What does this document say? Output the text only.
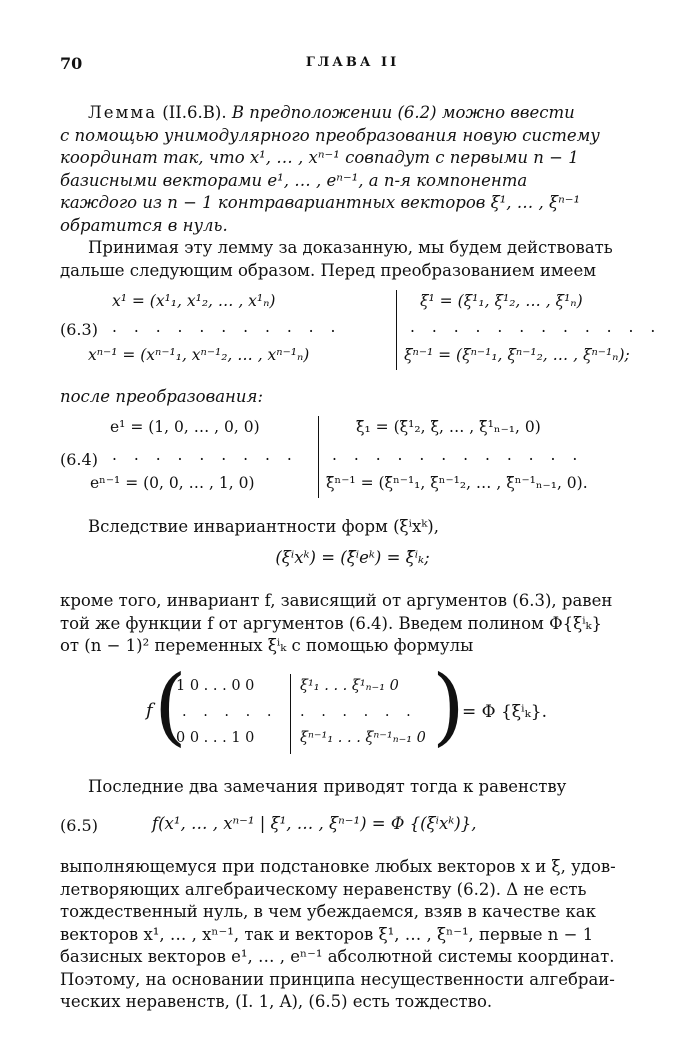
70	ГЛАВА II
Лемма (II.6.B). В предположении (6.2) можно ввести
с помощью унимодулярного преобразования новую систему
координат так, что x¹, … , xⁿ⁻¹ совпадут с первыми n − 1
базисными векторами e¹, … , eⁿ⁻¹, а n-я компонента
каждого из n − 1 контравариантных векторов ξ¹, … , ξⁿ⁻¹
обратится в нуль.
Принимая эту лемму за доказанную, мы будем действовать
дальше следующим образом. Перед преобразованием имеем
x¹ = (x¹₁, x¹₂, … , x¹ₙ)
(6.3) . . . . . . . . . . .
xⁿ⁻¹ = (xⁿ⁻¹₁, xⁿ⁻¹₂, … , xⁿ⁻¹ₙ)
ξ¹ = (ξ¹₁, ξ¹₂, … , ξ¹ₙ)
. . . . . . . . . . . .
ξⁿ⁻¹ = (ξⁿ⁻¹₁, ξⁿ⁻¹₂, … , ξⁿ⁻¹ₙ);
после преобразования:
e¹ = (1, 0, … , 0, 0)
(6.4) . . . . . . . . .
eⁿ⁻¹ = (0, 0, … , 1, 0)
ξ̄₁ = (ξ̄¹₂, ξ̄, … , ξ̄¹ₙ₋₁, 0)
. . . . . . . . . . . .
ξ̄ⁿ⁻¹ = (ξ̄ⁿ⁻¹₁, ξⁿ⁻¹₂, … , ξ̄ⁿ⁻¹ₙ₋₁, 0).
Вследствие инвариантности форм (ξⁱxᵏ),
(ξⁱxᵏ) = (ξ̄ⁱeᵏ) = ξ̄ⁱₖ;
кроме того, инвариант f, зависящий от аргументов (6.3), равен
той же функции f от аргументов (6.4). Введем полином Φ{ξⁱₖ}
от (n − 1)² переменных ξⁱₖ с помощью формулы
f (
1 0 . . . 0 0
. . . . .
0 0 . . . 1 0
ξ¹₁ . . . ξ¹ₙ₋₁ 0
. . . . . .
ξⁿ⁻¹₁ . . . ξⁿ⁻¹ₙ₋₁ 0 )
= Φ {ξⁱₖ}.
Последние два замечания приводят тогда к равенству
(6.5)	f(x¹, … , xⁿ⁻¹ | ξ¹, … , ξⁿ⁻¹) = Φ {(ξⁱxᵏ)},
выполняющемуся при подстановке любых векторов x и ξ, удов-
летворяющих алгебраическому неравенству (6.2). Δ не есть
тождественный нуль, в чем убеждаемся, взяв в качестве как
векторов x¹, … , xⁿ⁻¹, так и векторов ξ¹, … , ξⁿ⁻¹, первые n − 1
базисных векторов e¹, … , eⁿ⁻¹ абсолютной системы координат.
Поэтому, на основании принципа несущественности алгебраи-
ческих неравенств, (I. 1, A), (6.5) есть тождество.
